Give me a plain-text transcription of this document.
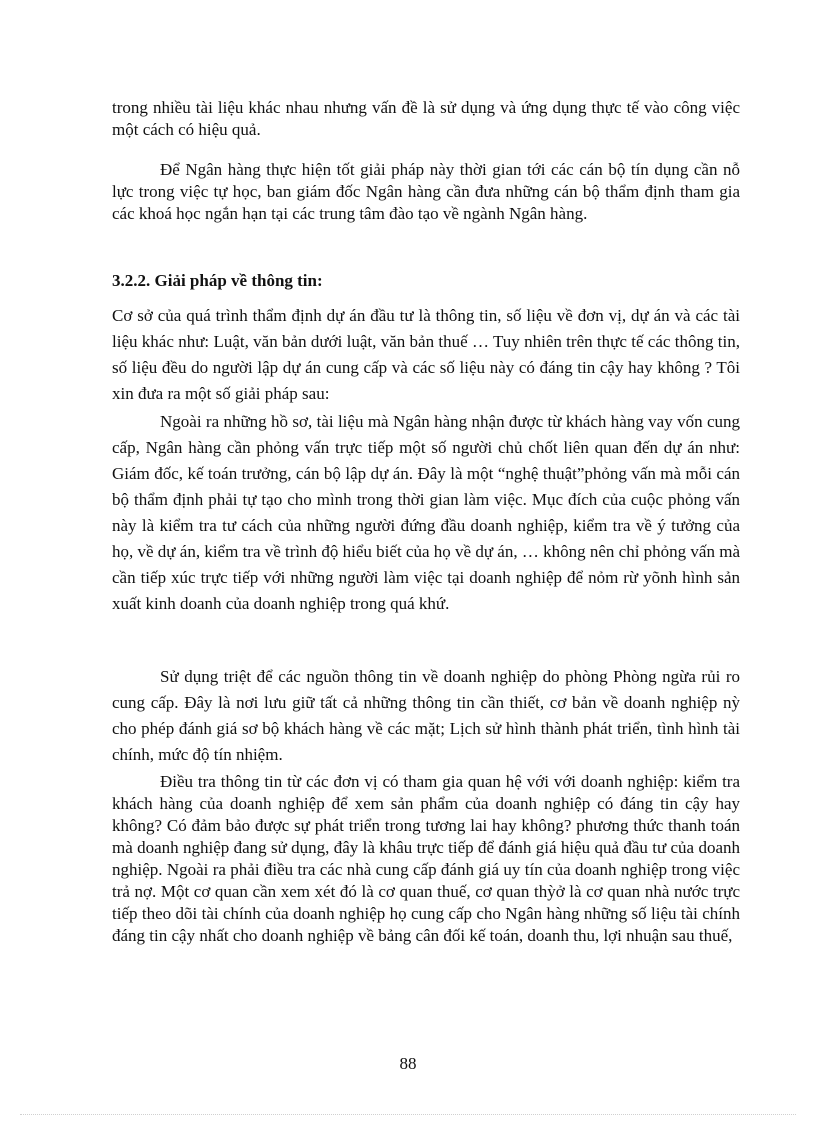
trong nhiều tài liệu khác nhau nhưng vấn đề là sử dụng và ứng dụng thực tế vào công việc một cách có hiệu quả.

Để Ngân hàng thực hiện tốt giải pháp này thời gian tới các cán bộ tín dụng cần nỗ lực trong việc tự học, ban giám đốc Ngân hàng cần đưa những cán bộ thẩm định tham gia các khoá học ngắn hạn tại các trung tâm đào tạo về ngành Ngân hàng.

3.2.2. Giải pháp về thông tin:

Cơ sở của quá trình thẩm định dự án đầu tư là thông tin, số liệu về đơn vị, dự án và các tài liệu khác như: Luật, văn bản dưới luật, văn bản thuế … Tuy nhiên trên thực tế các thông tin, số liệu đều do người lập dự án cung cấp và các số liệu này có đáng tin cậy hay không ? Tôi xin đưa ra một số giải pháp sau:

Ngoài ra những hồ sơ, tài liệu mà Ngân hàng nhận được từ khách hàng vay vốn cung cấp, Ngân hàng cần phỏng vấn trực tiếp một số người chủ chốt liên quan đến dự án như: Giám đốc, kế toán trưởng, cán bộ lập dự án. Đây là một “nghệ thuật”phỏng vấn mà mỗi cán bộ thẩm định phải tự tạo cho mình trong thời gian làm việc. Mục đích của cuộc phỏng vấn này là kiểm tra tư cách của những người đứng đầu doanh nghiệp, kiểm tra về ý tưởng của họ, về dự án, kiểm tra về trình độ hiểu biết của họ về dự án, … không nên chỉ phỏng vấn mà cần tiếp xúc trực tiếp với những người làm việc tại doanh nghiệp để nỏm rừ yõnh hình sản xuất kinh doanh của doanh nghiệp trong quá khứ.

Sử dụng triệt để các nguồn thông tin về doanh nghiệp do phòng Phòng ngừa rủi ro cung cấp. Đây là nơi lưu giữ tất cả những thông tin cần thiết, cơ bản về doanh nghiệp nỳ cho phép đánh giá sơ bộ khách hàng về các mặt; Lịch sử hình thành phát triển, tình hình tài chính, mức độ tín nhiệm.

Điều tra thông tin từ các đơn vị có tham gia quan hệ với với doanh nghiệp: kiểm tra khách hàng của doanh nghiệp để xem sản phẩm của doanh nghiệp có đáng tin cậy hay không? Có đảm bảo được sự phát triển trong tương lai hay không? phương thức thanh toán mà doanh nghiệp đang sử dụng, đây là khâu trực tiếp để đánh giá hiệu quả đầu tư của doanh nghiệp. Ngoài ra phải điều tra các nhà cung cấp đánh giá uy tín của doanh nghiệp trong việc trả nợ. Một cơ quan cần xem xét đó là cơ quan thuế, cơ quan thỳở là cơ quan nhà nước trực tiếp theo dõi tài chính của doanh nghiệp họ cung cấp cho Ngân hàng những số liệu tài chính đáng tin cậy nhất cho doanh nghiệp về bảng cân đối kế toán, doanh thu, lợi nhuận sau thuế,

88
